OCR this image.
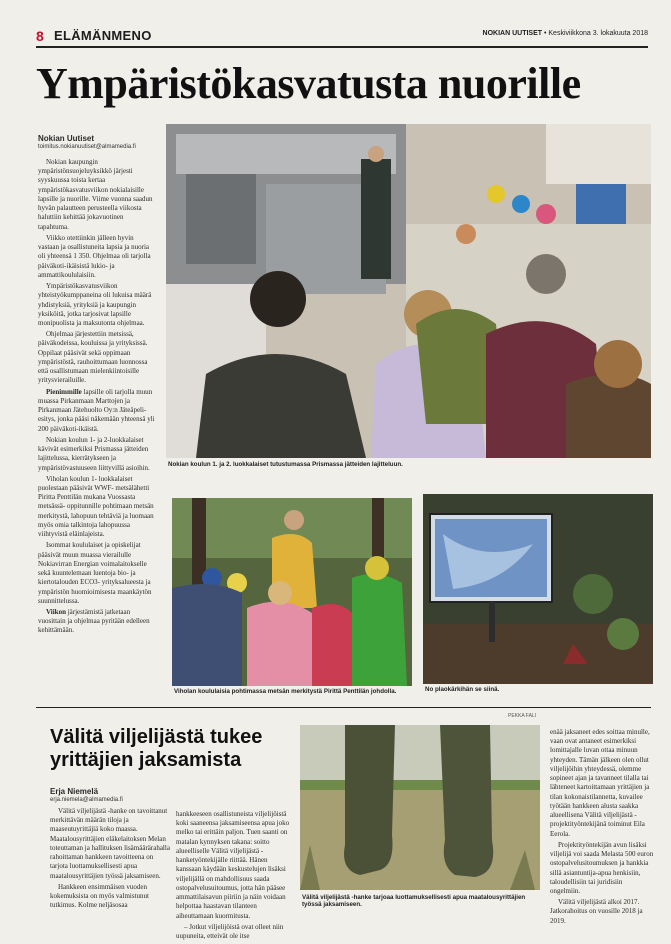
8 ELÄMÄNMENO	NOKIAN UUTISET • Keskiviikkona 3. lokakuuta 2018
Ympäristökasvatusta nuorille
Nokian Uutiset
toimitus.nokianuutiset@almamedia.fi

Nokian kaupungin ympäristönsuojeluyksikkö järjesti syyskuussa toista kertaa ympäristökasvatusviikon nokialaisille lapsille ja nuorille. Viime vuonna saadun hyvän palautteen perusteella viikosta haluttiin kehittää jokavuotinen tapahtuma.

Viikko otettiinkin jälleen hyvin vastaan ja osallistuneita lapsia ja nuoria oli yhteensä 1 350. Ohjelmaa oli tarjolla päiväkoti-ikäisistä lukio- ja ammattikoululaisiin.

Ympäristökasvatusviikon yhteistyökumppaneina oli lukuisa määrä yhdistyksiä, yrityksiä ja kaupungin yksiköitä, jotka tarjosivat lapsille monipuolista ja maksutonta ohjelmaa.

Ohjelmaa järjestettiin metsissä, päiväkodeissa, kouluissa ja yrityksissä. Oppilaat pääsivät sekä oppimaan ympäristöstä, rauhoittumaan luonnossa että osallistumaan mielenkiintoisille yritysvierailuille.

Pienimmille lapsille oli tarjolla muun muassa Pirkanmaan Marttojen ja Pirkanmaan Jätehuolto Oy:n Jäteäpeli-esitys, jonka pääsi näkemään yhteensä yli 200 päiväkoti-ikäistä.

Nokian koulun 1- ja 2-luokkalaiset kävivät esimerkiksi Prismassa jätteiden lajittelussa, kierrätykseen ja ympäristövastuuseen liittyvillä asioihin.

Viholan koulun 1- luokkalaiset puolestaan pääsivät WWF- metsälähetti Piritta Penttilän mukana Vuossasta metsässä- oppitunnille pohtimaan metsän merkitystä, lahopuun tehtäviä ja luomaan myös omia talkintoja lahopuussa viihtyvistä eläinlajeista.

Isommat koululaiset ja opiskelijat pääsivät muun muassa vierailulle Nokiavirran Energian voimalaitokselle sekä kuuntelemaan luentoja bio- ja kiertotalouden ECO3- yrityksalueesta ja ympäristön huomioimisesta maankäytön suunnittelussa.

Viikon järjestämistä jatketaan vuosittain ja ohjelmaa pyritään edelleen kehittämään.

Nokian koulun 1. ja 2. luokkalaiset tutustumassa Prismassa jätteiden lajitteluun.
Viholan koululaisia pohtimassa metsän merkitystä Pirittä Penttilän johdolla.	No plaokärkihän se siinä.
Välitä viljelijästä tukee yrittäjien jaksamista
Erja Niemelä
erja.niemela@almamedia.fi

Välitä viljelijästä -hanke on tavoittanut merkittävän määrän tiloja ja maaseutuyrittäjiä koko maassa. Maatalousyrittäjien eläkelaitoksen Melan toteuttaman ja hallituksen lisämäärärahalla rahoittaman hankkeen tavoitteena on tarjota luottamuksellisesti apua maatalousyrittäjien työssä jaksamiseen.

Hankkeen ensimmäisen vuoden kokemuksista on myös valmistunut tutkimus. Kolme neljäsosaa

hankkeeseen osallistuneista viljelijöistä koki saaneensa jaksamiseensa apua joko melko tai erittäin paljon. Tuen saanti on matalan kynnyksen takana: soitto alueelliselle Välitä viljelijästä -hanketyöntekijälle riittää. Hänen kanssaan käydään keskustelujen lisäksi viljelijällä on mahdollisuus saada ostopalvelusuitoumus, jotta hän pääsee ammattilaisavun piiriin ja näin voidaan helpottaa haastavan tilanteen aiheuttamaan kuormitusta.

– Jotkut viljelijöistä ovat olleet niin uupuneita, etteivät ole itse

PEKKA FALI
Välitä viljelijästä -hanke tarjoaa luottamuksellisesti apua maatalousyrittäjien työssä jaksamiseen.

enää jaksaneet edes soittaa minulle, vaan ovat antaneet esimerkiksi lomittajalle luvan ottaa minuun yhteyden. Tämän jälkeen olen ollut viljelijöihin yhteydessä, olemme sopineet ajan ja tavanneet tilalla tai lähteneet kartoittamaan yrittäjien ja tilan kokonaistilannetta, kuvailee työtään hankkeen alusta saakka alueellisena Välitä viljelijästä -projektityöntekijänä toiminut Eila Eerola.

Projektityöntekijän avun lisäksi viljelijä voi saada Melasta 500 euron ostopalvelusitoumuksen ja hankkia sillä asiantuntija-apua henkisiin, taloudellisiin tai juridisiin ongelmiin.

Välitä viljelijästä alkoi 2017. Jatkorahoitus on vuosille 2018 ja 2019.
